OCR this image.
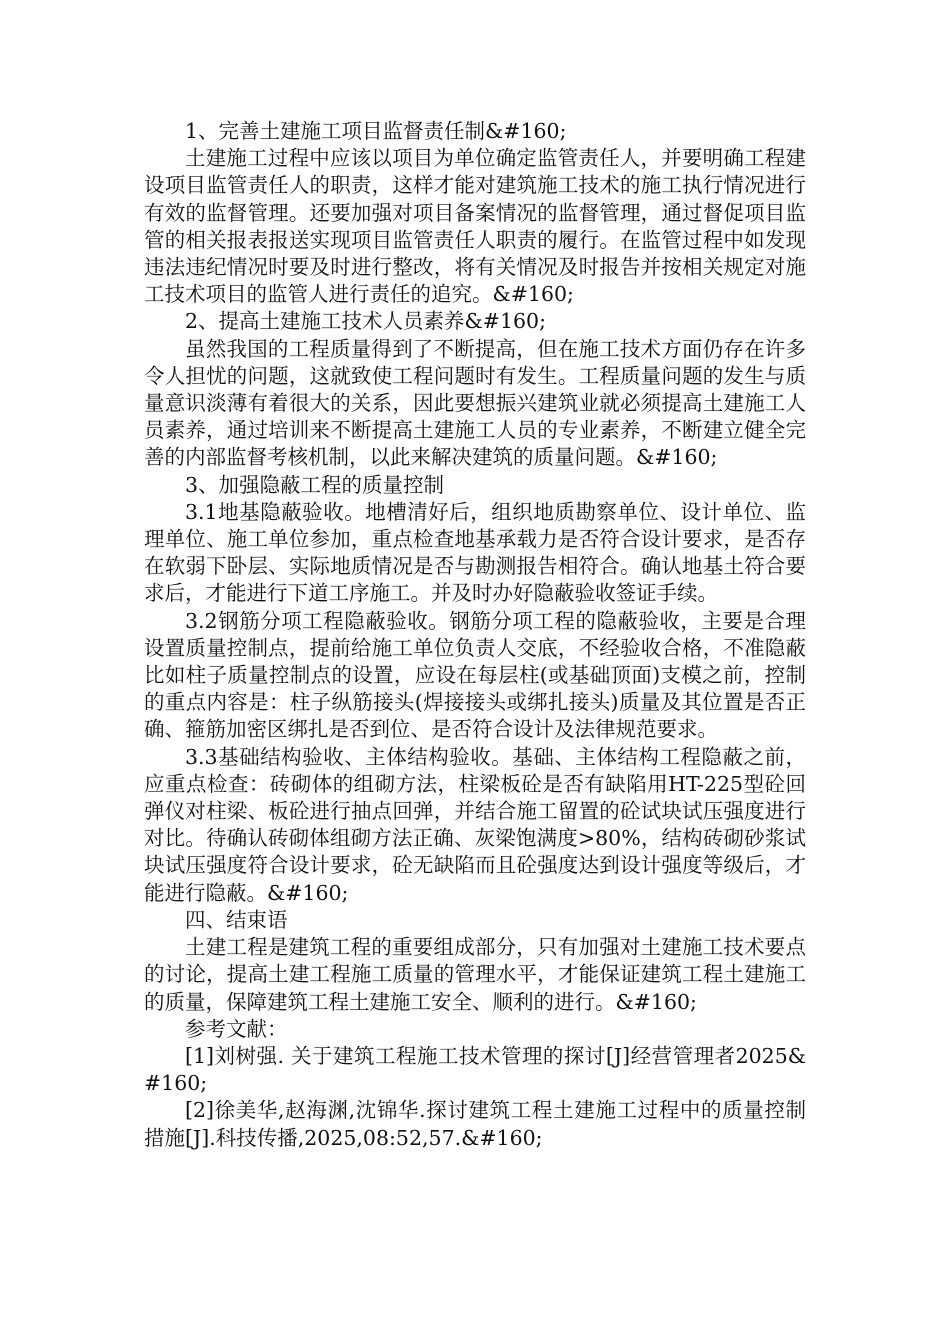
1、完善土建施工项目监督责任制&#160;

土建施工过程中应该以项目为单位确定监管责任人，并要明确工程建设项目监管责任人的职责，这样才能对建筑施工技术的施工执行情况进行有效的监督管理。还要加强对项目备案情况的监督管理，通过督促项目监管的相关报表报送实现项目监管责任人职责的履行。在监管过程中如发现违法违纪情况时要及时进行整改，将有关情况及时报告并按相关规定对施工技术项目的监管人进行责任的追究。&#160;

2、提高土建施工技术人员素养&#160;

虽然我国的工程质量得到了不断提高，但在施工技术方面仍存在许多令人担忧的问题，这就致使工程问题时有发生。工程质量问题的发生与质量意识淡薄有着很大的关系，因此要想振兴建筑业就必须提高土建施工人员素养，通过培训来不断提高土建施工人员的专业素养，不断建立健全完善的内部监督考核机制，以此来解决建筑的质量问题。&#160;

3、加强隐蔽工程的质量控制

3.1地基隐蔽验收。地槽清好后，组织地质勘察单位、设计单位、监理单位、施工单位参加，重点检查地基承载力是否符合设计要求，是否存在软弱下卧层、实际地质情况是否与勘测报告相符合。确认地基土符合要求后，才能进行下道工序施工。并及时办好隐蔽验收签证手续。

3.2钢筋分项工程隐蔽验收。钢筋分项工程的隐蔽验收，主要是合理设置质量控制点，提前给施工单位负责人交底，不经验收合格，不准隐蔽比如柱子质量控制点的设置，应设在每层柱(或基础顶面)支模之前，控制的重点内容是：柱子纵筋接头(焊接接头或绑扎接头)质量及其位置是否正确、箍筋加密区绑扎是否到位、是否符合设计及法律规范要求。

3.3基础结构验收、主体结构验收。基础、主体结构工程隐蔽之前，应重点检查：砖砌体的组砌方法，柱梁板砼是否有缺陷用HT-225型砼回弹仪对柱梁、板砼进行抽点回弹，并结合施工留置的砼试块试压强度进行对比。待确认砖砌体组砌方法正确、灰梁饱满度>80%，结构砖砌砂浆试块试压强度符合设计要求，砼无缺陷而且砼强度达到设计强度等级后，才能进行隐蔽。&#160;

四、结束语

土建工程是建筑工程的重要组成部分，只有加强对土建施工技术要点的讨论，提高土建工程施工质量的管理水平，才能保证建筑工程土建施工的质量，保障建筑工程土建施工安全、顺利的进行。&#160;

参考文献：

[1]刘树强. 关于建筑工程施工技术管理的探讨[J]经营管理者2025&#160;

[2]徐美华,赵海渊,沈锦华.探讨建筑工程土建施工过程中的质量控制措施[J].科技传播,2025,08:52,57.&#160;
